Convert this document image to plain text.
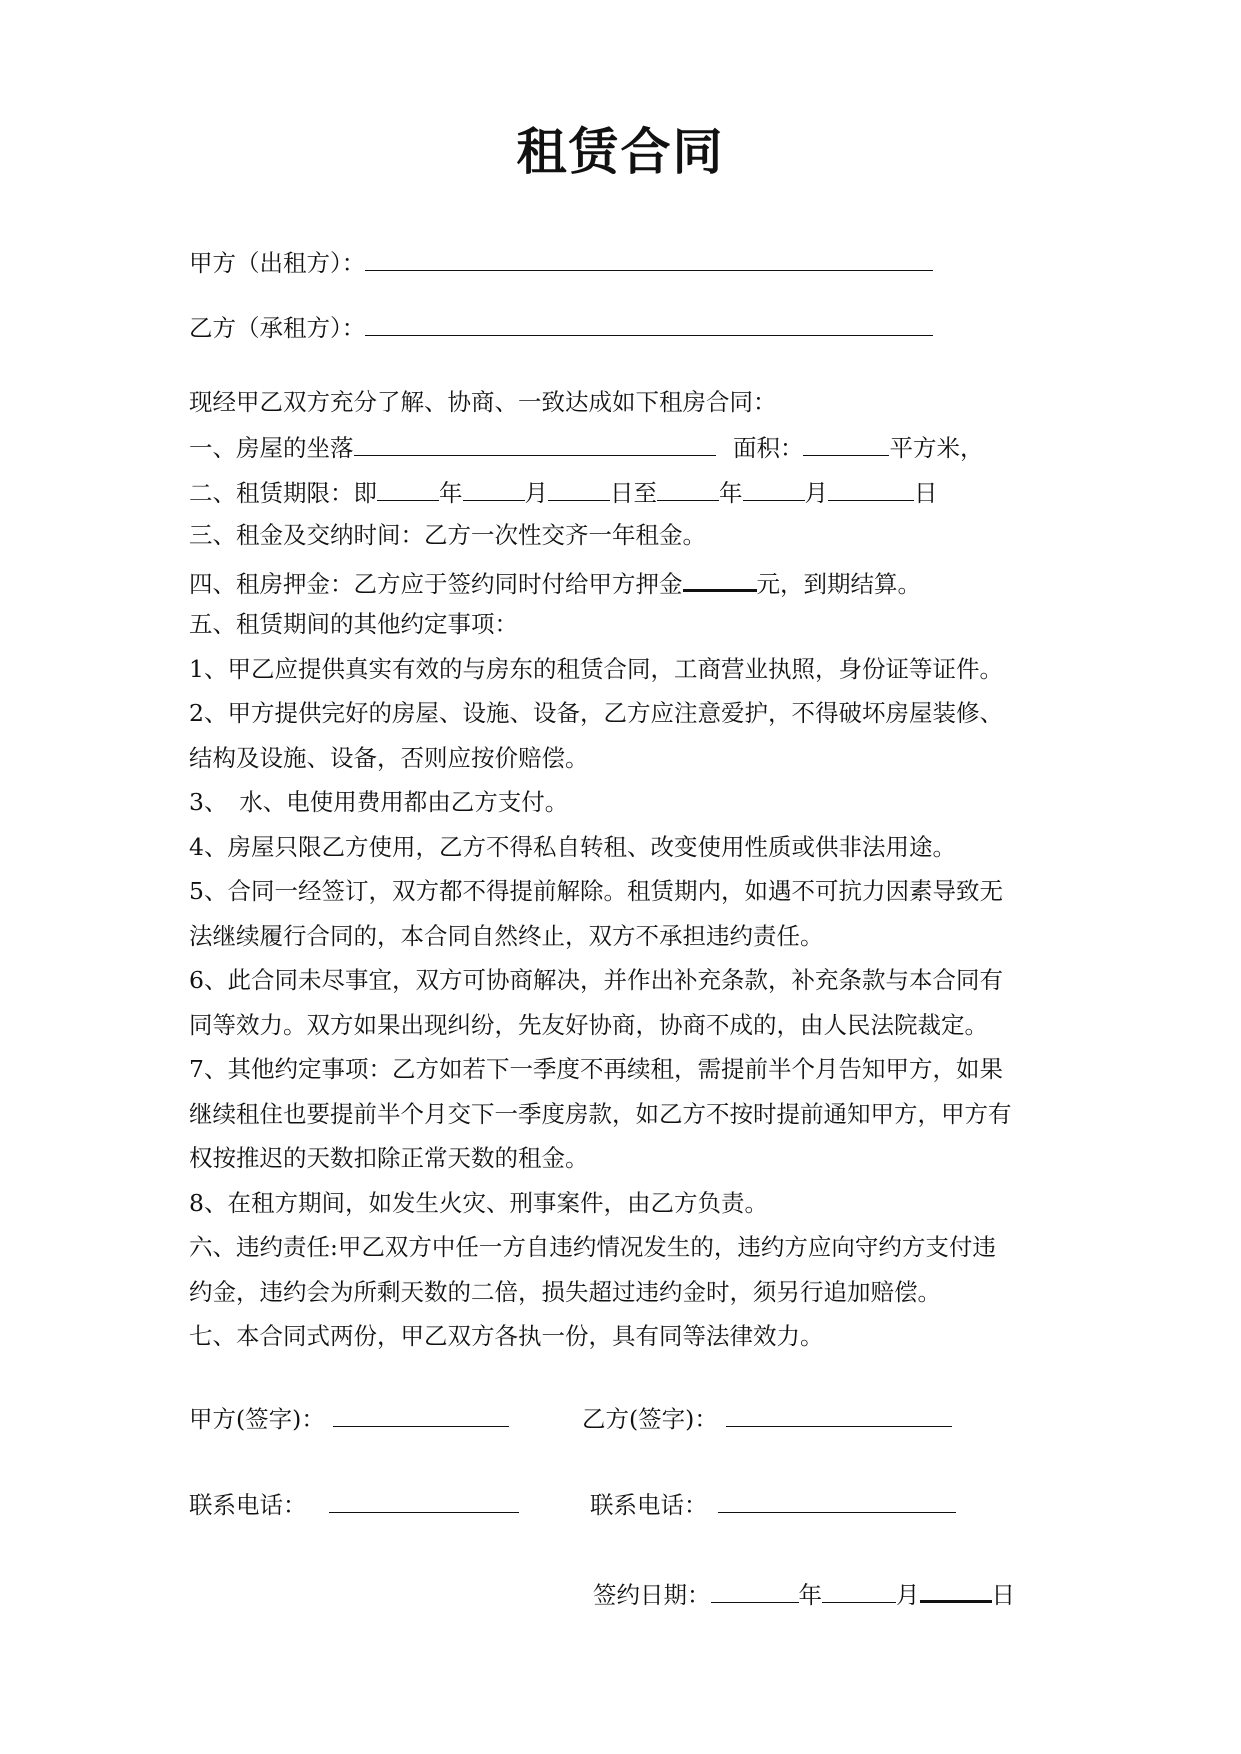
租赁合同
甲方（出租方）：
乙方（承租方）：
现经甲乙双方充分了解、协商、一致达成如下租房合同：
一、房屋的坐落	面积：	平方米，
二、租赁期限：即	年	月	日至	年	月	日
三、租金及交纳时间：乙方一次性交齐一年租金。
四、租房押金：乙方应于签约同时付给甲方押金	元，到期结算。
五、租赁期间的其他约定事项：
1、甲乙应提供真实有效的与房东的租赁合同，工商营业执照，身份证等证件。
2、甲方提供完好的房屋、设施、设备，乙方应注意爱护，不得破坏房屋装修、
结构及设施、设备，否则应按价赔偿。
3、　水、电使用费用都由乙方支付。
4、房屋只限乙方使用，乙方不得私自转租、改变使用性质或供非法用途。
5、合同一经签订，双方都不得提前解除。租赁期内，如遇不可抗力因素导致无
法继续履行合同的，本合同自然终止，双方不承担违约责任。
6、此合同未尽事宜，双方可协商解决，并作出补充条款，补充条款与本合同有
同等效力。双方如果出现纠纷，先友好协商，协商不成的，由人民法院裁定。
7、其他约定事项：乙方如若下一季度不再续租，需提前半个月告知甲方，如果
继续租住也要提前半个月交下一季度房款，如乙方不按时提前通知甲方，甲方有
权按推迟的天数扣除正常天数的租金。
8、在租方期间，如发生火灾、刑事案件，由乙方负责。
六、违约责任:甲乙双方中任一方自违约情况发生的，违约方应向守约方支付违
约金，违约会为所剩天数的二倍，损失超过违约金时，须另行追加赔偿。
七、本合同式两份，甲乙双方各执一份，具有同等法律效力。
甲方(签字)：	乙方(签字)：
联系电话：	联系电话：
签约日期：	年	月	日
